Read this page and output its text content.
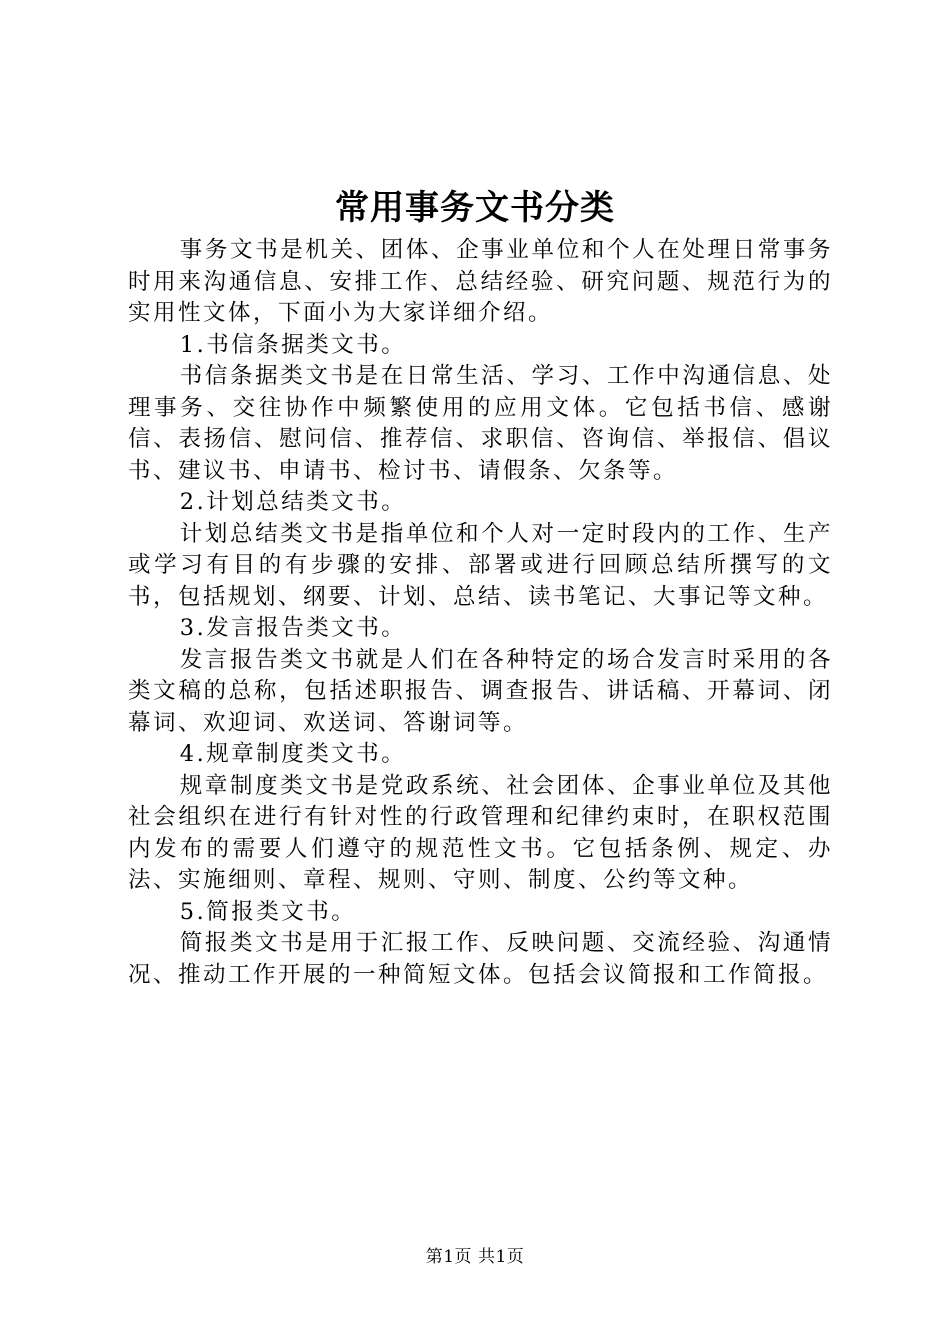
常用事务文书分类

事务文书是机关、团体、企事业单位和个人在处理日常事务时用来沟通信息、安排工作、总结经验、研究问题、规范行为的实用性文体，下面小为大家详细介绍。

1.书信条据类文书。

书信条据类文书是在日常生活、学习、工作中沟通信息、处理事务、交往协作中频繁使用的应用文体。它包括书信、感谢信、表扬信、慰问信、推荐信、求职信、咨询信、举报信、倡议书、建议书、申请书、检讨书、请假条、欠条等。

2.计划总结类文书。

计划总结类文书是指单位和个人对一定时段内的工作、生产或学习有目的有步骤的安排、部署或进行回顾总结所撰写的文书，包括规划、纲要、计划、总结、读书笔记、大事记等文种。

3.发言报告类文书。

发言报告类文书就是人们在各种特定的场合发言时采用的各类文稿的总称，包括述职报告、调查报告、讲话稿、开幕词、闭幕词、欢迎词、欢送词、答谢词等。

4.规章制度类文书。

规章制度类文书是党政系统、社会团体、企事业单位及其他社会组织在进行有针对性的行政管理和纪律约束时，在职权范围内发布的需要人们遵守的规范性文书。它包括条例、规定、办法、实施细则、章程、规则、守则、制度、公约等文种。

5.简报类文书。

简报类文书是用于汇报工作、反映问题、交流经验、沟通情况、推动工作开展的一种简短文体。包括会议简报和工作简报。

第1页 共1页
